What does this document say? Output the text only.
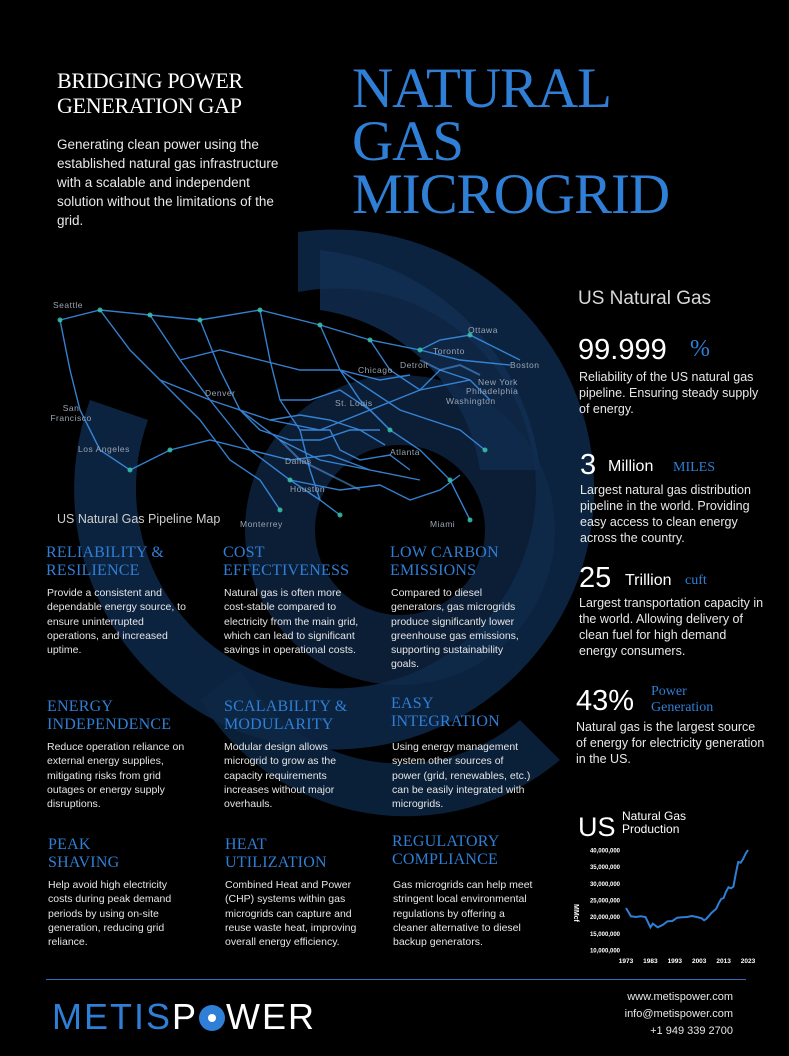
BRIDGING POWER
GENERATION GAP
Generating clean power using the established natural gas infrastructure with a scalable and independent solution without the limitations of the grid.
NATURAL
GAS
MICROGRID
Seattle
Ottawa
Toronto
Boston
Detroit
Chicago
New York
Philadelphia
Washington
Denver
St. Louis
San Francisco
Los Angeles	Atlanta
Dallas
Houston
Monterrey	Miami
US Natural Gas Pipeline Map
US Natural Gas
99.999 %
Reliability of the US natural gas pipeline. Ensuring steady supply of energy.
3 Million MILES
Largest natural gas distribution pipeline in the world. Providing easy access to clean energy across the country.
25 Trillion cuft
Largest transportation capacity in the world. Allowing delivery of clean fuel for high demand energy consumers.
43% Power
Generation
Natural gas is the largest source of energy for electricity generation in the US.
US Natural Gas
Production
40,000,000
35,000,000
30,000,000
25,000,000
20,000,000
15,000,000
10,000,000
1973 1983 1993 2003 2013 2023
MMcf
RELIABILITY &
RESILIENCE
Provide a consistent and dependable energy source, to ensure uninterrupted operations, and increased uptime.
COST
EFFECTIVENESS
Natural gas is often more cost-stable compared to electricity from the main grid, which can lead to significant savings in operational costs.
LOW CARBON
EMISSIONS
Compared to diesel generators, gas microgrids produce significantly lower greenhouse gas emissions, supporting sustainability goals.
ENERGY
INDEPENDENCE
Reduce operation reliance on external energy supplies, mitigating risks from grid outages or energy supply disruptions.
SCALABILITY &
MODULARITY
Modular design allows microgrid to grow as the capacity requirements increases without major overhauls.
EASY
INTEGRATION
Using energy management system other sources of power (grid, renewables, etc.) can be easily integrated with microgrids.
PEAK
SHAVING
Help avoid high electricity costs during peak demand periods by using on-site generation, reducing grid reliance.
HEAT
UTILIZATION
Combined Heat and Power (CHP) systems within gas microgrids can capture and reuse waste heat, improving overall energy efficiency.
REGULATORY
COMPLIANCE
Gas microgrids can help meet stringent local environmental regulations by offering a cleaner alternative to diesel backup generators.
METISP WER	www.metispower.com
info@metispower.com
+1 949 339 2700
